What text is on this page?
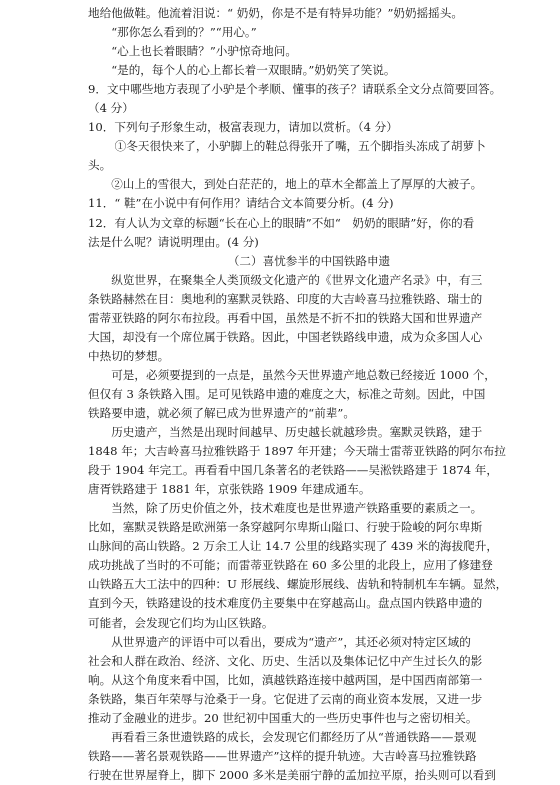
地给他做鞋。他流着泪说：“ 奶奶，你是不是有特异功能？”奶奶摇摇头。
“那你怎么看到的？”“用心。”
“心上也长着眼睛？”小驴惊奇地问。
“是的，每个人的心上都长着一双眼睛。”奶奶笑了笑说。
9．文中哪些地方表现了小驴是个孝顺、懂事的孩子？请联系全文分点简要回答。
（4 分）
10．下列句子形象生动，极富表现力，请加以赏析。（4 分）
①冬天很快来了，小驴脚上的鞋总得张开了嘴，五个脚指头冻成了胡萝卜
头。
②山上的雪很大，到处白茫茫的，地上的草木全都盖上了厚厚的大被子。
11．“ 鞋”在小说中有何作用？请结合文本简要分析。(4 分)
12．有人认为文章的标题“长在心上的眼睛”不如“　奶奶的眼睛”好，你的看
法是什么呢？请说明理由。(4 分)
（二）喜忧参半的中国铁路申遗
纵览世界，在聚集全人类顶级文化遗产的《世界文化遗产名录》中，有三
条铁路赫然在目：奥地利的塞默灵铁路、印度的大吉岭喜马拉雅铁路、瑞士的
雷蒂亚铁路的阿尔布拉段。再看中国，虽然是不折不扣的铁路大国和世界遗产
大国，却没有一个席位属于铁路。因此，中国老铁路线申遗，成为众多国人心
中热切的梦想。
可是，必须要提到的一点是，虽然今天世界遗产地总数已经接近 1000 个，
但仅有 3 条铁路入围。足可见铁路申遗的难度之大，标准之苛刻。因此，中国
铁路要申遗，就必须了解已成为世界遗产的“前辈”。
历史遗产，当然是出现时间越早、历史越长就越珍贵。塞默灵铁路，建于
1848 年；大吉岭喜马拉雅铁路于 1897 年开建；今天瑞士雷蒂亚铁路的阿尔布拉
段于 1904 年完工。再看看中国几条著名的老铁路——吴淞铁路建于 1874 年，
唐胥铁路建于 1881 年，京张铁路 1909 年建成通车。
当然，除了历史价值之外，技术难度也是世界遗产铁路重要的素质之一。
比如，塞默灵铁路是欧洲第一条穿越阿尔卑斯山隘口、行驶于险峻的阿尔卑斯
山脉间的高山铁路。2 万余工人让 14.7 公里的线路实现了 439 米的海拔爬升，
成功挑战了当时的不可能；而雷蒂亚铁路在 60 多公里的北段上，应用了修建登
山铁路五大工法中的四种：U 形展线、螺旋形展线、齿轨和特制机车车辆。显然，
直到今天，铁路建设的技术难度仍主要集中在穿越高山。盘点国内铁路申遗的
可能者，会发现它们均为山区铁路。
从世界遗产的评语中可以看出，要成为“遗产”，其还必须对特定区域的
社会和人群在政治、经济、文化、历史、生活以及集体记忆中产生过长久的影
响。从这个角度来看中国，比如，滇越铁路连接中越两国，是中国西南部第一
条铁路，集百年荣辱与沧桑于一身。它促进了云南的商业资本发展，又进一步
推动了金融业的进步。20 世纪初中国重大的一些历史事件也与之密切相关。
再看看三条世遗铁路的成长，会发现它们都经历了从“普通铁路——景观
铁路——著名景观铁路——世界遗产”这样的提升轨迹。大吉岭喜马拉雅铁路
行驶在世界屋脊上，脚下 2000 多米是美丽宁静的孟加拉平原，抬头则可以看到
